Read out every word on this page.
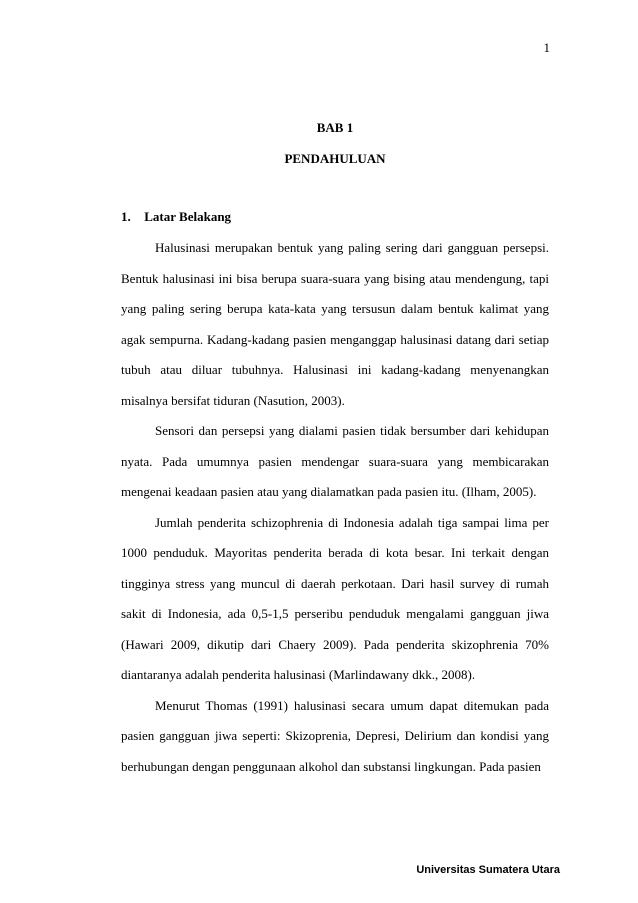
1
BAB 1
PENDAHULUAN
1. Latar Belakang

Halusinasi merupakan bentuk yang paling sering dari gangguan persepsi. Bentuk halusinasi ini bisa berupa suara-suara yang bising atau mendengung, tapi yang paling sering berupa kata-kata yang tersusun dalam bentuk kalimat yang agak sempurna. Kadang-kadang pasien menganggap halusinasi datang dari setiap tubuh atau diluar tubuhnya. Halusinasi ini kadang-kadang menyenangkan misalnya bersifat tiduran (Nasution, 2003).

Sensori dan persepsi yang dialami pasien tidak bersumber dari kehidupan nyata. Pada umumnya pasien mendengar suara-suara yang membicarakan mengenai keadaan pasien atau yang dialamatkan pada pasien itu. (Ilham, 2005).

Jumlah penderita schizophrenia di Indonesia adalah tiga sampai lima per 1000 penduduk. Mayoritas penderita berada di kota besar. Ini terkait dengan tingginya stress yang muncul di daerah perkotaan. Dari hasil survey di rumah sakit di Indonesia, ada 0,5-1,5 perseribu penduduk mengalami gangguan jiwa (Hawari 2009, dikutip dari Chaery 2009). Pada penderita skizophrenia 70% diantaranya adalah penderita halusinasi (Marlindawany dkk., 2008).

Menurut Thomas (1991) halusinasi secara umum dapat ditemukan pada pasien gangguan jiwa seperti: Skizoprenia, Depresi, Delirium dan kondisi yang berhubungan dengan penggunaan alkohol dan substansi lingkungan. Pada pasien

Universitas Sumatera Utara
